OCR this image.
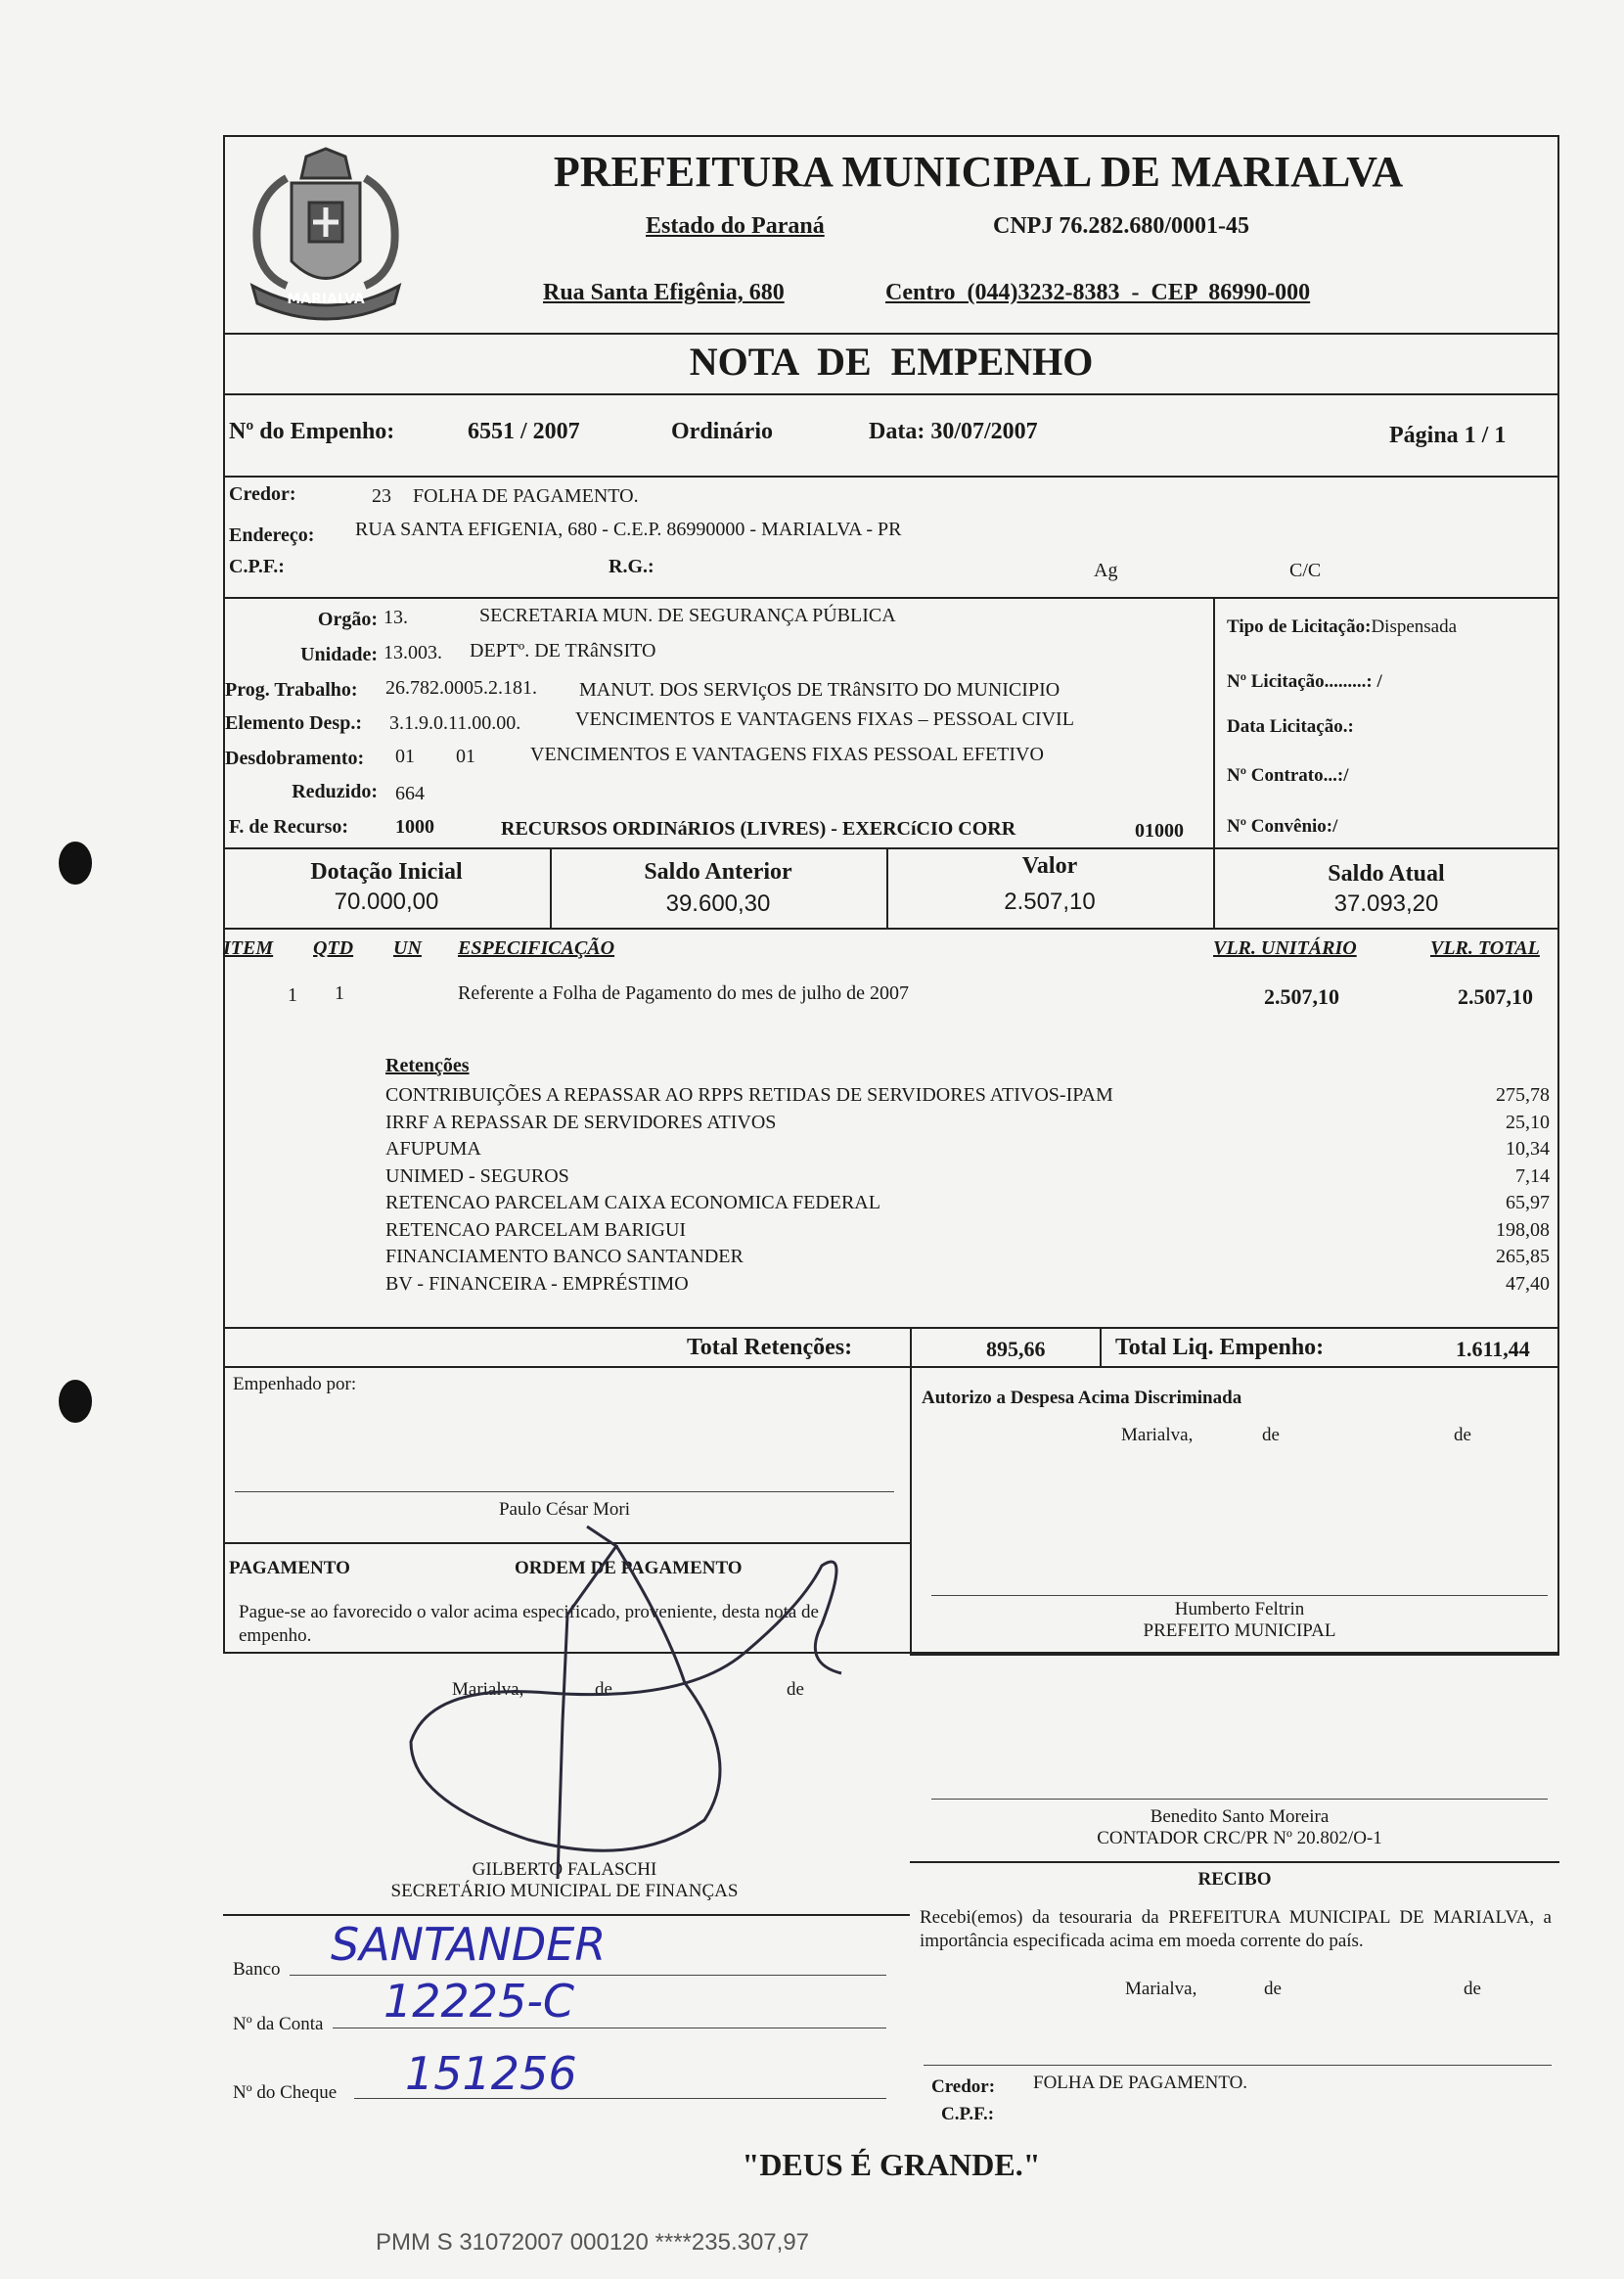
MARIALVA
PREFEITURA MUNICIPAL DE MARIALVA
Estado do Paraná	CNPJ 76.282.680/0001-45
Rua Santa Efigênia, 680	Centro (044)3232-8383 - CEP 86990-000
NOTA DE EMPENHO
Nº do Empenho:	6551 / 2007	Ordinário	Data: 30/07/2007	Página 1 / 1
Credor:	23 FOLHA DE PAGAMENTO.
Endereço: RUA SANTA EFIGENIA, 680 - C.E.P. 86990000 - MARIALVA - PR
C.P.F.:	R.G.:	Ag	C/C
Orgão: 13.	SECRETARIA MUN. DE SEGURANÇA PÚBLICA
Unidade: 13.003. DEPTº. DE TRâNSITO
Prog. Trabalho: 26.782.0005.2.181. MANUT. DOS SERVIçOS DE TRâNSITO DO MUNICIPIO
Elemento Desp.: 3.1.9.0.11.00.00.	VENCIMENTOS E VANTAGENS FIXAS – PESSOAL CIVIL
Desdobramento: 01 01	VENCIMENTOS E VANTAGENS FIXAS PESSOAL EFETIVO
Reduzido: 664
F. de Recurso: 1000	RECURSOS ORDINáRIOS (LIVRES) - EXERCíCIO CORR	01000
Tipo de Licitação:Dispensada
Nº Licitação.........: /
Data Licitação.:
Nº Contrato...:/
Nº Convênio:/
Dotação Inicial
70.000,00
Saldo Anterior
39.600,30
Valor
2.507,10
Saldo Atual
37.093,20
ITEM QTD UN ESPECIFICAÇÃO	VLR. UNITÁRIO	VLR. TOTAL
1 1	Referente a Folha de Pagamento do mes de julho de 2007	2.507,10	2.507,10
Retenções
CONTRIBUIÇÕES A REPASSAR AO RPPS RETIDAS DE SERVIDORES ATIVOS-IPAM	275,78
IRRF A REPASSAR DE SERVIDORES ATIVOS	25,10
AFUPUMA	10,34
UNIMED - SEGUROS	7,14
RETENCAO PARCELAM CAIXA ECONOMICA FEDERAL	65,97
RETENCAO PARCELAM BARIGUI	198,08
FINANCIAMENTO BANCO SANTANDER	265,85
BV - FINANCEIRA - EMPRÉSTIMO	47,40
Total Retenções:	895,66	Total Liq. Empenho:	1.611,44
Empenhado por:
Paulo César Mori
PAGAMENTO	ORDEM DE PAGAMENTO
Pague-se ao favorecido o valor acima especificado, proveniente, desta nota de empenho.
Marialva,	de	de
GILBERTO FALASCHI
SECRETÁRIO MUNICIPAL DE FINANÇAS
Banco SANTANDER
Nº da Conta 12225-C
Nº do Cheque 151256
Autorizo a Despesa Acima Discriminada
Marialva,	de	de
Humberto Feltrin
PREFEITO MUNICIPAL
Benedito Santo Moreira
CONTADOR CRC/PR Nº 20.802/O-1
RECIBO
Recebi(emos) da tesouraria da PREFEITURA MUNICIPAL DE MARIALVA, a importância especificada acima em moeda corrente do país.
Marialva,	de	de
Credor: FOLHA DE PAGAMENTO.
C.P.F.:
"DEUS É GRANDE."
PMM S 31072007 000120 ****235.307,97
